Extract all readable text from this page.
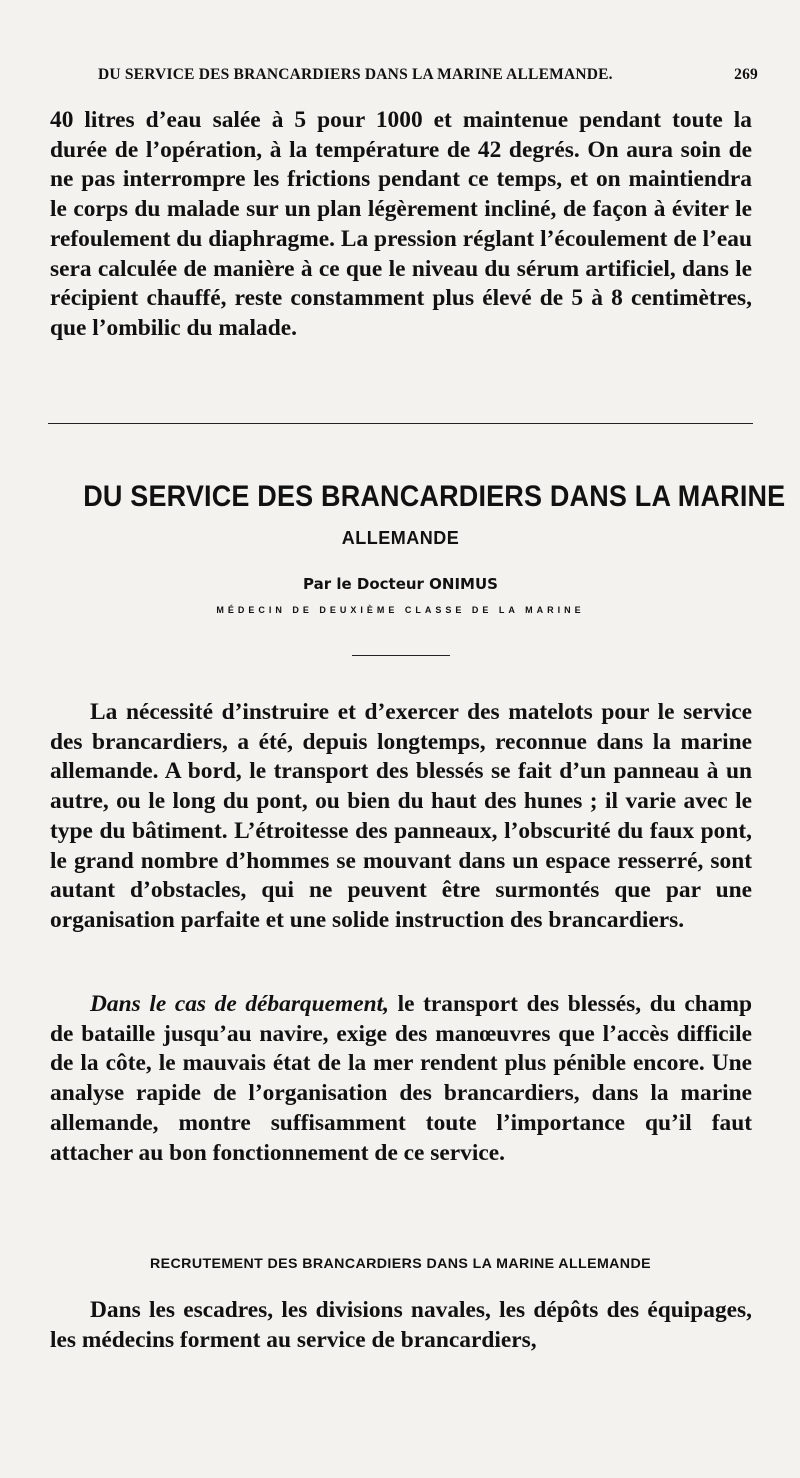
DU SERVICE DES BRANCARDIERS DANS LA MARINE ALLEMANDE.	269

40 litres d’eau salée à 5 pour 1000 et maintenue pendant toute la durée de l’opération, à la température de 42 degrés. On aura soin de ne pas interrompre les frictions pendant ce temps, et on maintiendra le corps du malade sur un plan légèrement incliné, de façon à éviter le refoulement du diaphragme. La pression réglant l’écoulement de l’eau sera calculée de manière à ce que le niveau du sérum artificiel, dans le récipient chauffé, reste constamment plus élevé de 5 à 8 centimètres, que l’ombilic du malade.

DU SERVICE DES BRANCARDIERS DANS LA MARINE
ALLEMANDE
Par le Docteur ONIMUS
MÉDECIN DE DEUXIÈME CLASSE DE LA MARINE

La nécessité d’instruire et d’exercer des matelots pour le service des brancardiers, a été, depuis longtemps, reconnue dans la marine allemande. A bord, le transport des blessés se fait d’un panneau à un autre, ou le long du pont, ou bien du haut des hunes ; il varie avec le type du bâtiment. L’étroitesse des panneaux, l’obscurité du faux pont, le grand nombre d’hommes se mouvant dans un espace resserré, sont autant d’obstacles, qui ne peuvent être surmontés que par une organisation parfaite et une solide instruction des brancardiers.

Dans le cas de débarquement, le transport des blessés, du champ de bataille jusqu’au navire, exige des manœuvres que l’accès difficile de la côte, le mauvais état de la mer rendent plus pénible encore. Une analyse rapide de l’organisation des brancardiers, dans la marine allemande, montre suffisamment toute l’importance qu’il faut attacher au bon fonctionnement de ce service.

RECRUTEMENT DES BRANCARDIERS DANS LA MARINE ALLEMANDE

Dans les escadres, les divisions navales, les dépôts des équipages, les médecins forment au service de brancardiers,
